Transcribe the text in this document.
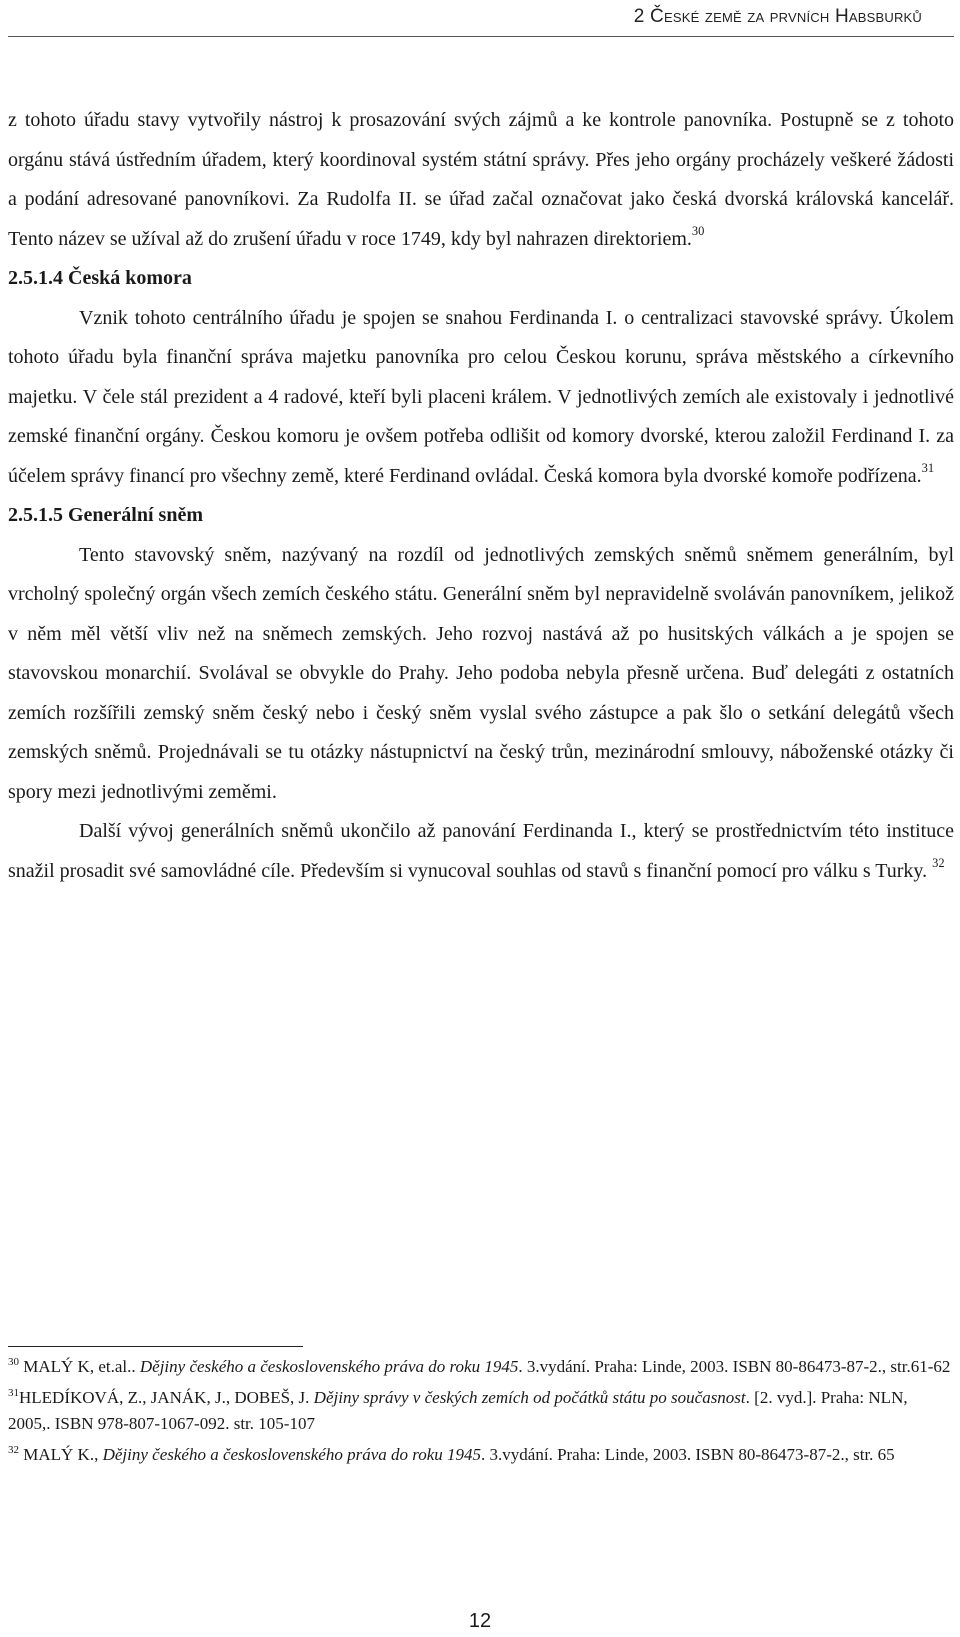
2 České země za prvních Habsburků

z tohoto úřadu stavy vytvořily nástroj k prosazování svých zájmů a ke kontrole panovníka. Postupně se z tohoto orgánu stává ústředním úřadem, který koordinoval systém státní správy. Přes jeho orgány procházely veškeré žádosti a podání adresované panovníkovi. Za Rudolfa II. se úřad začal označovat jako česká dvorská královská kancelář. Tento název se užíval až do zrušení úřadu v roce 1749, kdy byl nahrazen direktoriem.$^{30}$

2.5.1.4 Česká komora

Vznik tohoto centrálního úřadu je spojen se snahou Ferdinanda I. o centralizaci stavovské správy. Úkolem tohoto úřadu byla finanční správa majetku panovníka pro celou Českou korunu, správa městského a církevního majetku. V čele stál prezident a 4 radové, kteří byli placeni králem. V jednotlivých zemích ale existovaly i jednotlivé zemské finanční orgány. Českou komoru je ovšem potřeba odlišit od komory dvorské, kterou založil Ferdinand I. za účelem správy financí pro všechny země, které Ferdinand ovládal. Česká komora byla dvorské komoře podřízena.$^{31}$

2.5.1.5 Generální sněm

Tento stavovský sněm, nazývaný na rozdíl od jednotlivých zemských sněmů sněmem generálním, byl vrcholný společný orgán všech zemích českého státu. Generální sněm byl nepravidelně svoláván panovníkem, jelikož v něm měl větší vliv než na sněmech zemských. Jeho rozvoj nastává až po husitských válkách a je spojen se stavovskou monarchií. Svolával se obvykle do Prahy. Jeho podoba nebyla přesně určena. Buď delegáti z ostatních zemích rozšířili zemský sněm český nebo i český sněm vyslal svého zástupce a pak šlo o setkání delegátů všech zemských sněmů. Projednávali se tu otázky nástupnictví na český trůn, mezinárodní smlouvy, náboženské otázky či spory mezi jednotlivými zeměmi.

Další vývoj generálních sněmů ukončilo až panování Ferdinanda I., který se prostřednictvím této instituce snažil prosadit své samovládné cíle. Především si vynucoval souhlas od stavů s finanční pomocí pro válku s Turky. $^{32}$

$^{30}$ MALÝ K, et.al.. Dějiny českého a československého práva do roku 1945. 3.vydání. Praha: Linde, 2003. ISBN 80-86473-87-2., str.61-62

$^{31}$HLEDÍKOVÁ, Z., JANÁK, J., DOBEŠ, J. Dějiny správy v českých zemích od počátků státu po současnost. [2. vyd.]. Praha: NLN, 2005,. ISBN 978-807-1067-092. str. 105-107

$^{32}$ MALÝ K., Dějiny českého a československého práva do roku 1945. 3.vydání. Praha: Linde, 2003. ISBN 80-86473-87-2., str. 65

12
